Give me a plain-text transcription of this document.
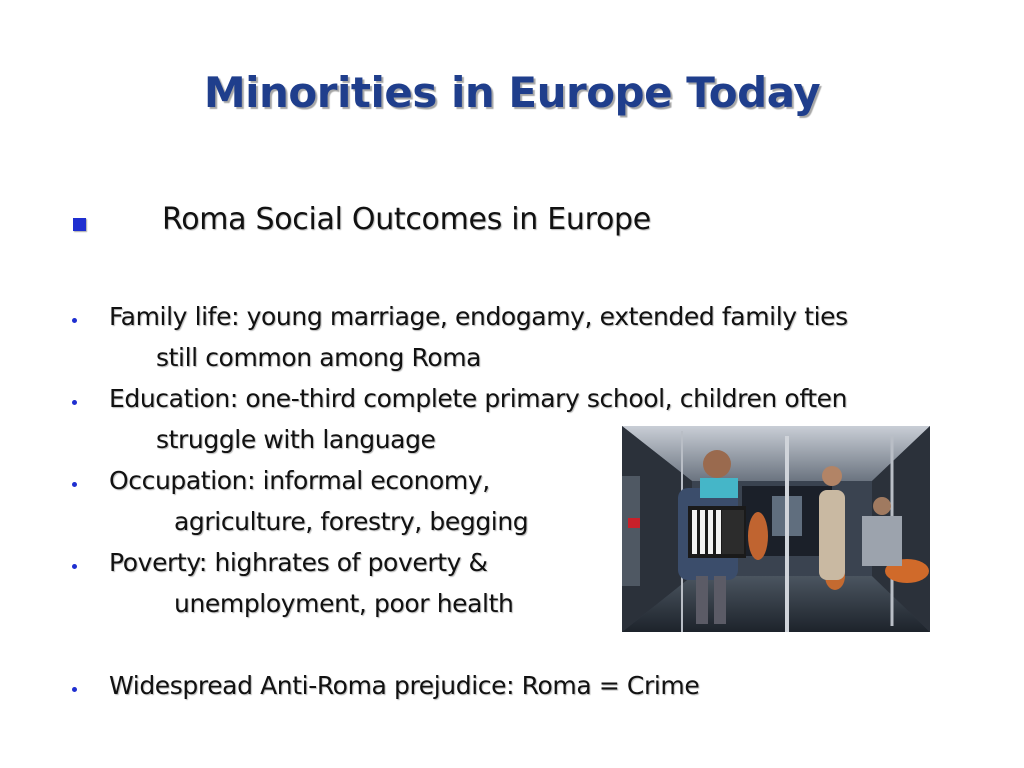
Minorities in Europe Today
Roma Social Outcomes in Europe
Family life: young marriage, endogamy, extended family ties
still common among Roma
Education: one-third complete primary school, children often
struggle with language
Occupation: informal economy,
agriculture, forestry, begging
Poverty: highrates of poverty &
unemployment, poor health
Widespread Anti-Roma prejudice: Roma = Crime
